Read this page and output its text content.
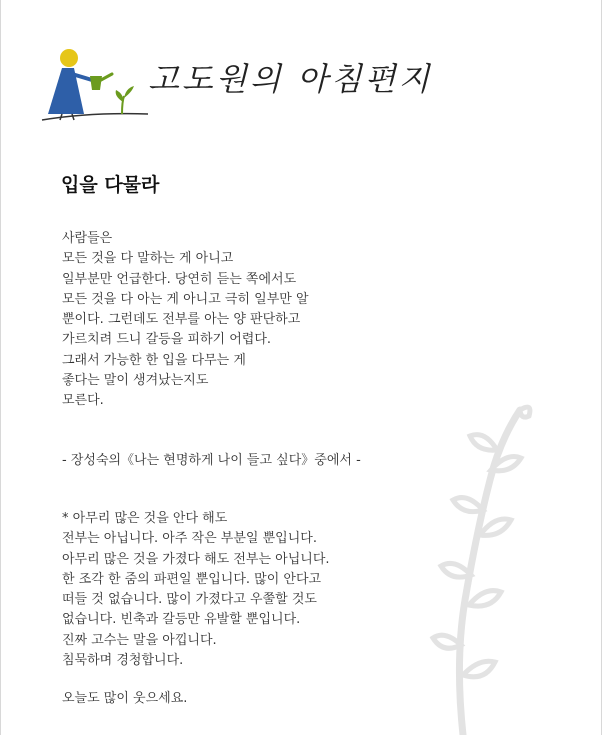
고도원의 아침편지
입을 다물라
사람들은
모든 것을 다 말하는 게 아니고
일부분만 언급한다. 당연히 듣는 쪽에서도
모든 것을 다 아는 게 아니고 극히 일부만 알
뿐이다. 그런데도 전부를 아는 양 판단하고
가르치려 드니 갈등을 피하기 어렵다.
그래서 가능한 한 입을 다무는 게
좋다는 말이 생겨났는지도
모른다.
- 장성숙의《나는 현명하게 나이 들고 싶다》중에서 -
* 아무리 많은 것을 안다 해도
전부는 아닙니다. 아주 작은 부분일 뿐입니다.
아무리 많은 것을 가졌다 해도 전부는 아닙니다.
한 조각 한 줌의 파편일 뿐입니다. 많이 안다고
떠들 것 없습니다. 많이 가졌다고 우쭐할 것도
없습니다. 빈축과 갈등만 유발할 뿐입니다.
진짜 고수는 말을 아낍니다.
침묵하며 경청합니다.
오늘도 많이 웃으세요.
